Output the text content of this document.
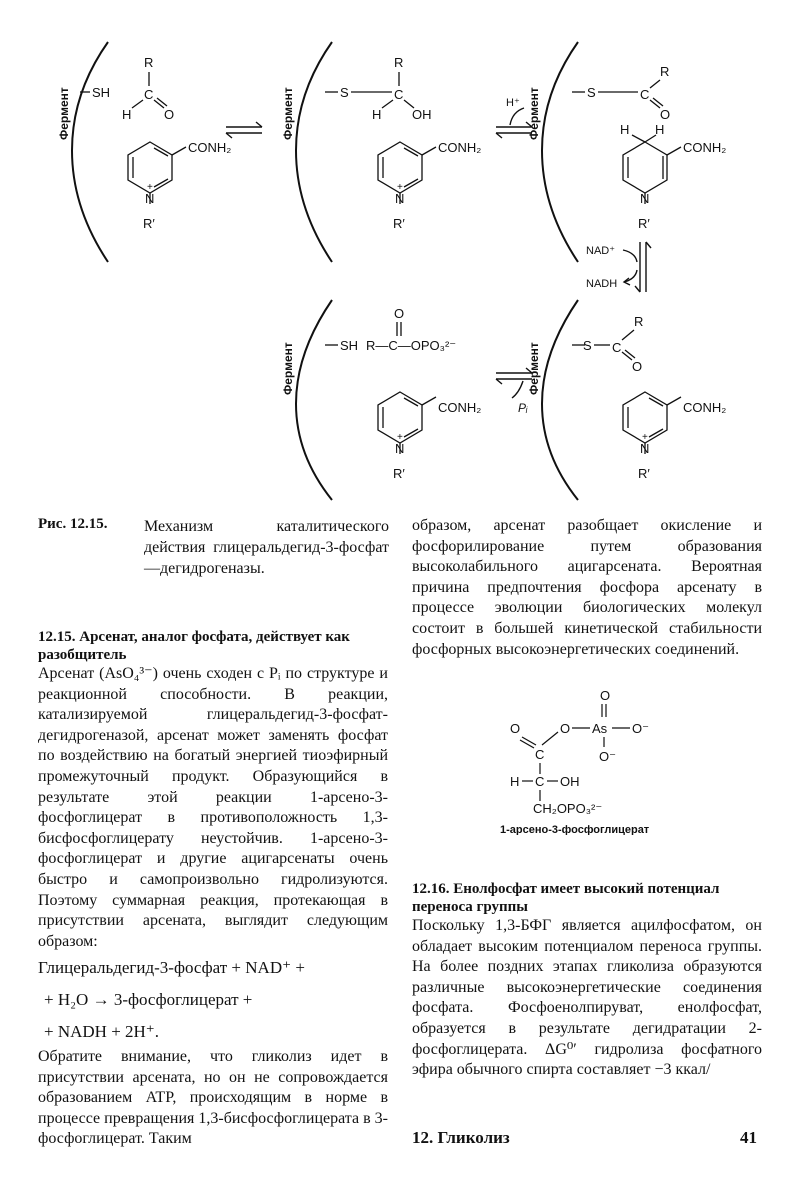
Фермент	Фермент	Фермент
Фермент	Фермент
SH
R
C
H	O
CONH₂
N
+
R′
S
R
C
H OH
CONH₂
N
+
R′
H⁺
S	C
R
O
H H
CONH₂
N
R′
NAD⁺
NADH
SH
O
R—C—OPO₃²⁻
CONH₂
N
+
R′
Pᵢ
S C
R
O
CONH₂
N
+
R′
Рис. 12.15. Механизм каталитического действия глицеральдегид-3-фосфат—дегидрогеназы.
12.15. Арсенат, аналог фосфата, действует как разобщитель
Арсенат (AsO₄³⁻) очень сходен с Pᵢ по структуре и реакционной способности. В реакции, катализируемой глицеральдегид-3-фосфат-дегидрогеназой, арсенат может заменять фосфат по воздействию на богатый энергией тиоэфирный промежуточный продукт. Образующийся в результате этой реакции 1-арсено-3-фосфоглицерат в противоположность 1,3-бисфосфоглицерату неустойчив. 1-арсено-3-фосфоглицерат и другие ацигарсенаты очень быстро и самопроизвольно гидролизуются. Поэтому суммарная реакция, протекающая в присутствии арсената, выглядит следующим образом:
Глицеральдегид-3-фосфат + NAD⁺ +
+ H₂O → 3-фосфоглицерат +
+ NADH + 2H⁺.
Обратите внимание, что гликолиз идет в присутствии арсената, но он не сопровождается образованием ATP, происходящим в норме в процессе превращения 1,3-бисфосфоглицерата в 3-фосфоглицерат. Таким
образом, арсенат разобщает окисление и фосфорилирование путем образования высоколабильного ацигарсената. Вероятная причина предпочтения фосфора арсенату в процессе эволюции биологических молекул состоит в большей кинетической стабильности фосфорных высокоэнергетических соединений.
O
O	O As O⁻
O⁻
C
H C OH
CH₂OPO₃²⁻
1-арсено-3-фосфоглицерат
12.16. Енолфосфат имеет высокий потенциал переноса группы
Поскольку 1,3-БФГ является ацилфосфатом, он обладает высоким потенциалом переноса группы. На более поздних этапах гликолиза образуются различные высокоэнергетические соединения фосфата. Фосфоенолпируват, енолфосфат, образуется в результате дегидратации 2-фосфоглицерата. ΔG⁰′ гидролиза фосфатного эфира обычного спирта составляет −3 ккал/
12. Гликолиз	41
